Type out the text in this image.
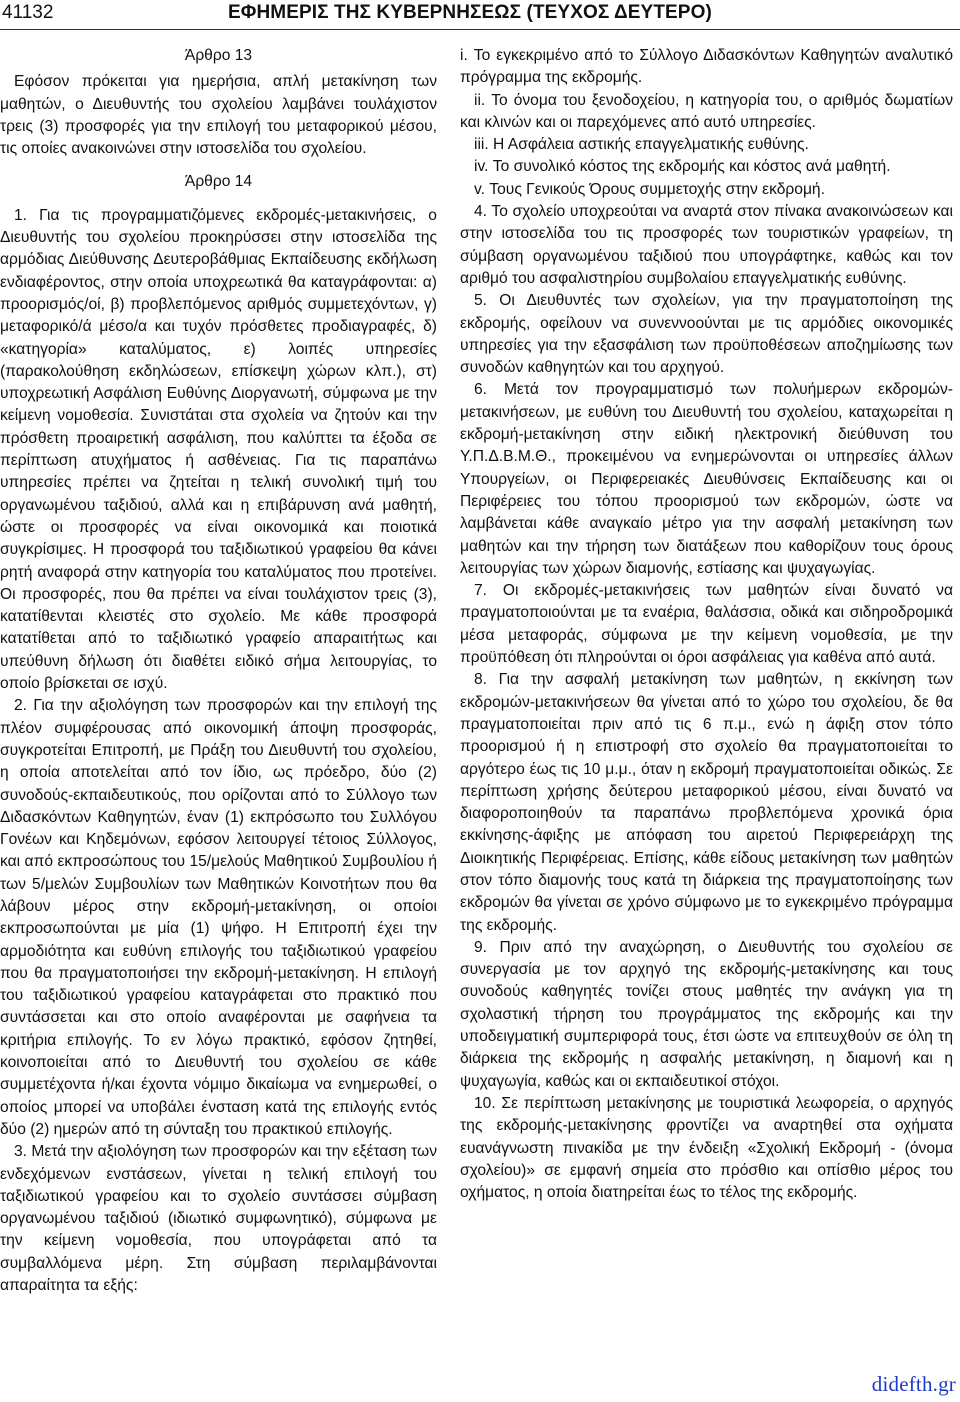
41132	ΕΦΗΜΕΡΙΣ ΤΗΣ ΚΥΒΕΡΝΗΣΕΩΣ (ΤΕΥΧΟΣ ΔΕΥΤΕΡΟ)

Άρθρο 13

Εφόσον πρόκειται για ημερήσια, απλή μετακίνηση των μαθητών, ο Διευθυντής του σχολείου λαμβάνει τουλάχιστον τρεις (3) προσφορές για την επιλογή του μεταφορικού μέσου, τις οποίες ανακοινώνει στην ιστοσελίδα του σχολείου.

Άρθρο 14

1. Για τις προγραμματιζόμενες εκδρομές-μετακινήσεις, ο Διευθυντής του σχολείου προκηρύσσει στην ιστοσελίδα της αρμόδιας Διεύθυνσης Δευτεροβάθμιας Εκπαίδευσης εκδήλωση ενδιαφέροντος, στην οποία υποχρεωτικά θα καταγράφονται: α) προορισμός/οί, β) προβλεπόμενος αριθμός συμμετεχόντων, γ) μεταφορικό/ά μέσο/α και τυχόν πρόσθετες προδιαγραφές, δ) «κατηγορία» καταλύματος, ε) λοιπές υπηρεσίες (παρακολούθηση εκδηλώσεων, επίσκεψη χώρων κλπ.), στ) υποχρεωτική Ασφάλιση Ευθύνης Διοργανωτή, σύμφωνα με την κείμενη νομοθεσία. Συνιστάται στα σχολεία να ζητούν και την πρόσθετη προαιρετική ασφάλιση, που καλύπτει τα έξοδα σε περίπτωση ατυχήματος ή ασθένειας. Για τις παραπάνω υπηρεσίες πρέπει να ζητείται η τελική συνολική τιμή του οργανωμένου ταξιδιού, αλλά και η επιβάρυνση ανά μαθητή, ώστε οι προσφορές να είναι οικονομικά και ποιοτικά συγκρίσιμες. Η προσφορά του ταξιδιωτικού γραφείου θα κάνει ρητή αναφορά στην κατηγορία του καταλύματος που προτείνει. Οι προσφορές, που θα πρέπει να είναι τουλάχιστον τρεις (3), κατατίθενται κλειστές στο σχολείο. Με κάθε προσφορά κατατίθεται από το ταξιδιωτικό γραφείο απαραιτήτως και υπεύθυνη δήλωση ότι διαθέτει ειδικό σήμα λειτουργίας, το οποίο βρίσκεται σε ισχύ.

2. Για την αξιολόγηση των προσφορών και την επιλογή της πλέον συμφέρουσας από οικονομική άποψη προσφοράς, συγκροτείται Επιτροπή, με Πράξη του Διευθυντή του σχολείου, η οποία αποτελείται από τον ίδιο, ως πρόεδρο, δύο (2) συνοδούς-εκπαιδευτικούς, που ορίζονται από το Σύλλογο των Διδασκόντων Καθηγητών, έναν (1) εκπρόσωπο του Συλλόγου Γονέων και Κηδεμόνων, εφόσον λειτουργεί τέτοιος Σύλλογος, και από εκπροσώπους του 15/μελούς Μαθητικού Συμβουλίου ή των 5/μελών Συμβουλίων των Μαθητικών Κοινοτήτων που θα λάβουν μέρος στην εκδρομή-μετακίνηση, οι οποίοι εκπροσωπούνται με μία (1) ψήφο. Η Επιτροπή έχει την αρμοδιότητα και ευθύνη επιλογής του ταξιδιωτικού γραφείου που θα πραγματοποιήσει την εκδρομή-μετακίνηση. Η επιλογή του ταξιδιωτικού γραφείου καταγράφεται στο πρακτικό που συντάσσεται και στο οποίο αναφέρονται με σαφήνεια τα κριτήρια επιλογής. Το εν λόγω πρακτικό, εφόσον ζητηθεί, κοινοποιείται από το Διευθυντή του σχολείου σε κάθε συμμετέχοντα ή/και έχοντα νόμιμο δικαίωμα να ενημερωθεί, ο οποίος μπορεί να υποβάλει ένσταση κατά της επιλογής εντός δύο (2) ημερών από τη σύνταξη του πρακτικού επιλογής.

3. Μετά την αξιολόγηση των προσφορών και την εξέταση των ενδεχόμενων ενστάσεων, γίνεται η τελική επιλογή του ταξιδιωτικού γραφείου και το σχολείο συντάσσει σύμβαση οργανωμένου ταξιδιού (ιδιωτικό συμφωνητικό), σύμφωνα με την κείμενη νομοθεσία, που υπογράφεται από τα συμβαλλόμενα μέρη. Στη σύμβαση περιλαμβάνονται απαραίτητα τα εξής:

i. Το εγκεκριμένο από το Σύλλογο Διδασκόντων Καθηγητών αναλυτικό πρόγραμμα της εκδρομής.

ii. Το όνομα του ξενοδοχείου, η κατηγορία του, ο αριθμός δωματίων και κλινών και οι παρεχόμενες από αυτό υπηρεσίες.

iii. Η Ασφάλεια αστικής επαγγελματικής ευθύνης.

iv. Το συνολικό κόστος της εκδρομής και κόστος ανά μαθητή.

v. Τους Γενικούς Όρους συμμετοχής στην εκδρομή.

4. Το σχολείο υποχρεούται να αναρτά στον πίνακα ανακοινώσεων και στην ιστοσελίδα του τις προσφορές των τουριστικών γραφείων, τη σύμβαση οργανωμένου ταξιδιού που υπογράφτηκε, καθώς και τον αριθμό του ασφαλιστηρίου συμβολαίου επαγγελματικής ευθύνης.

5. Οι Διευθυντές των σχολείων, για την πραγματοποίηση της εκδρομής, οφείλουν να συνεννοούνται με τις αρμόδιες οικονομικές υπηρεσίες για την εξασφάλιση των προϋποθέσεων αποζημίωσης των συνοδών καθηγητών και του αρχηγού.

6. Μετά τον προγραμματισμό των πολυήμερων εκδρομών-μετακινήσεων, με ευθύνη του Διευθυντή του σχολείου, καταχωρείται η εκδρομή-μετακίνηση στην ειδική ηλεκτρονική διεύθυνση του Υ.Π.Δ.Β.Μ.Θ., προκειμένου να ενημερώνονται οι υπηρεσίες άλλων Υπουργείων, οι Περιφερειακές Διευθύνσεις Εκπαίδευσης και οι Περιφέρειες του τόπου προορισμού των εκδρομών, ώστε να λαμβάνεται κάθε αναγκαίο μέτρο για την ασφαλή μετακίνηση των μαθητών και την τήρηση των διατάξεων που καθορίζουν τους όρους λειτουργίας των χώρων διαμονής, εστίασης και ψυχαγωγίας.

7. Οι εκδρομές-μετακινήσεις των μαθητών είναι δυνατό να πραγματοποιούνται με τα εναέρια, θαλάσσια, οδικά και σιδηροδρομικά μέσα μεταφοράς, σύμφωνα με την κείμενη νομοθεσία, με την προϋπόθεση ότι πληρούνται οι όροι ασφάλειας για καθένα από αυτά.

8. Για την ασφαλή μετακίνηση των μαθητών, η εκκίνηση των εκδρομών-μετακινήσεων θα γίνεται από το χώρο του σχολείου, δε θα πραγματοποιείται πριν από τις 6 π.μ., ενώ η άφιξη στον τόπο προορισμού ή η επιστροφή στο σχολείο θα πραγματοποιείται το αργότερο έως τις 10 μ.μ., όταν η εκδρομή πραγματοποιείται οδικώς. Σε περίπτωση χρήσης δεύτερου μεταφορικού μέσου, είναι δυνατό να διαφοροποιηθούν τα παραπάνω προβλεπόμενα χρονικά όρια εκκίνησης-άφιξης με απόφαση του αιρετού Περιφερειάρχη της Διοικητικής Περιφέρειας. Επίσης, κάθε είδους μετακίνηση των μαθητών στον τόπο διαμονής τους κατά τη διάρκεια της πραγματοποίησης των εκδρομών θα γίνεται σε χρόνο σύμφωνο με το εγκεκριμένο πρόγραμμα της εκδρομής.

9. Πριν από την αναχώρηση, ο Διευθυντής του σχολείου σε συνεργασία με τον αρχηγό της εκδρομής-μετακίνησης και τους συνοδούς καθηγητές τονίζει στους μαθητές την ανάγκη για τη σχολαστική τήρηση του προγράμματος της εκδρομής και την υποδειγματική συμπεριφορά τους, έτσι ώστε να επιτευχθούν σε όλη τη διάρκεια της εκδρομής η ασφαλής μετακίνηση, η διαμονή και η ψυχαγωγία, καθώς και οι εκπαιδευτικοί στόχοι.

10. Σε περίπτωση μετακίνησης με τουριστικά λεωφορεία, ο αρχηγός της εκδρομής-μετακίνησης φροντίζει να αναρτηθεί στα οχήματα ευανάγνωστη πινακίδα με την ένδειξη «Σχολική Εκδρομή - (όνομα σχολείου)» σε εμφανή σημεία στο πρόσθιο και οπίσθιο μέρος του οχήματος, η οποία διατηρείται έως το τέλος της εκδρομής.

didefth.gr
